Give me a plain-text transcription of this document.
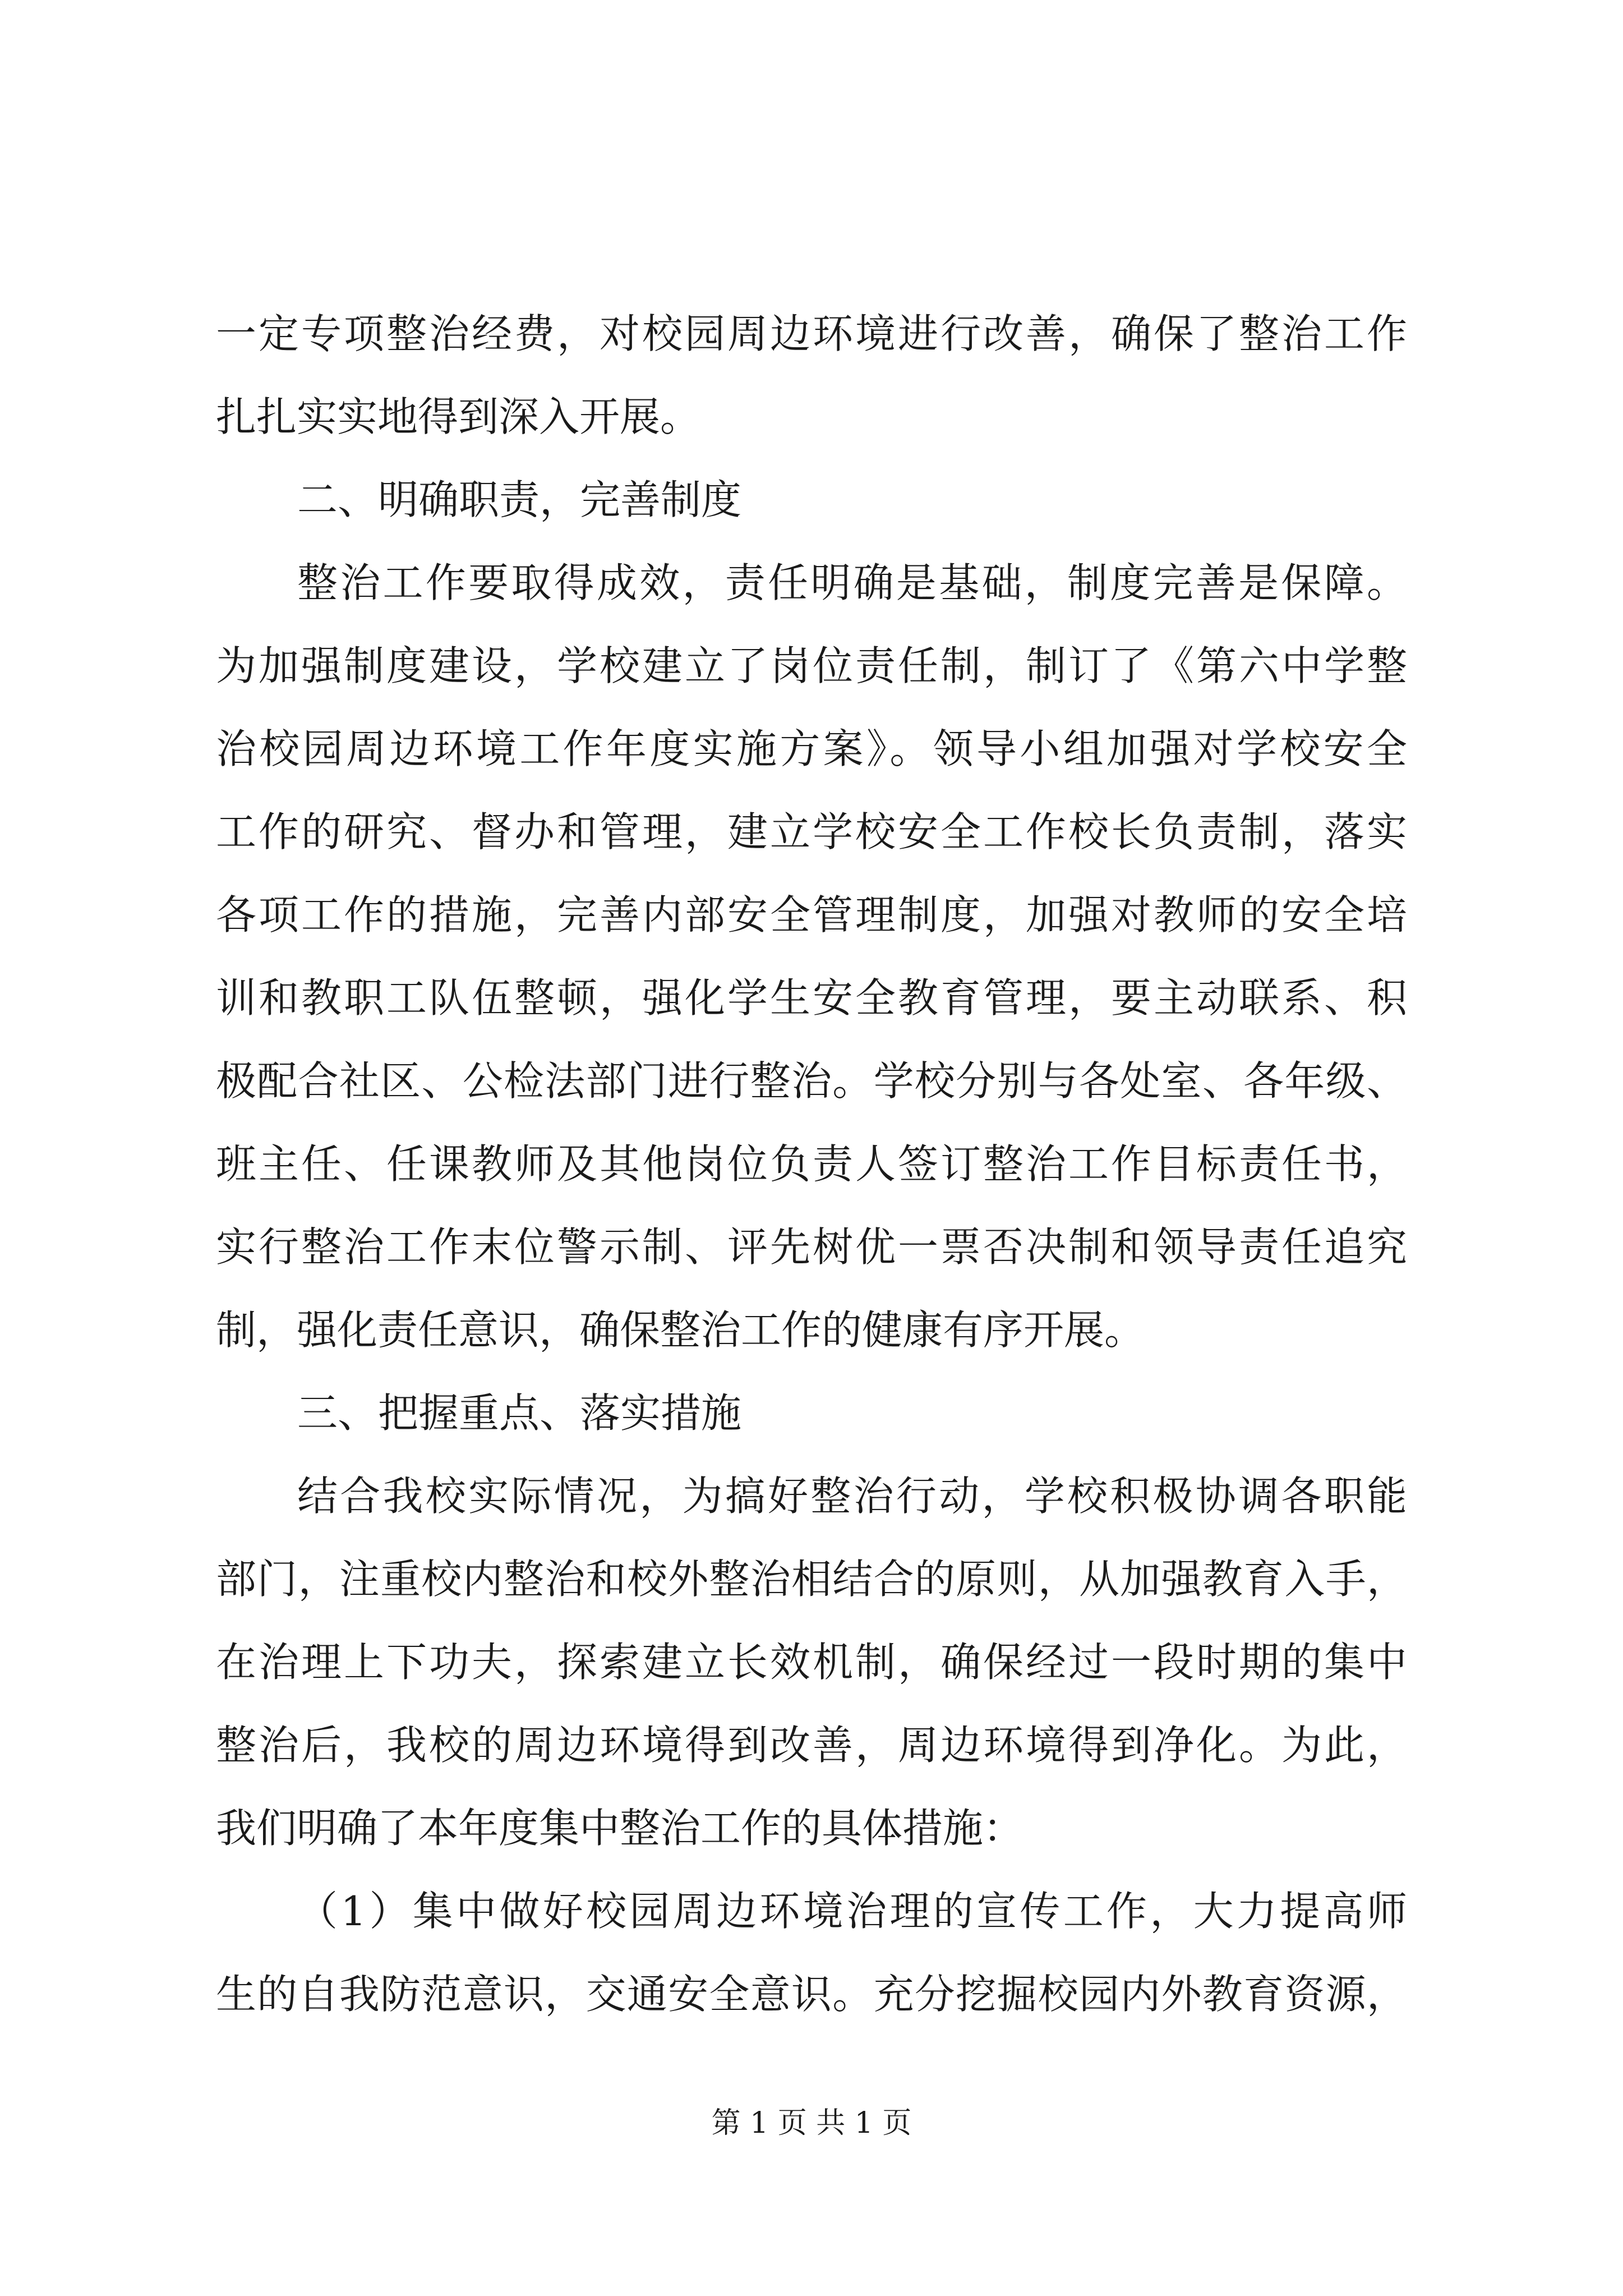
一定专项整治经费，对校园周边环境进行改善，确保了整治工作
扎扎实实地得到深入开展。
二、明确职责，完善制度
整治工作要取得成效，责任明确是基础，制度完善是保障。
为加强制度建设，学校建立了岗位责任制，制订了《第六中学整
治校园周边环境工作年度实施方案》。领导小组加强对学校安全
工作的研究、督办和管理，建立学校安全工作校长负责制，落实
各项工作的措施，完善内部安全管理制度，加强对教师的安全培
训和教职工队伍整顿，强化学生安全教育管理，要主动联系、积
极配合社区、公检法部门进行整治。学校分别与各处室、各年级、
班主任、任课教师及其他岗位负责人签订整治工作目标责任书，
实行整治工作末位警示制、评先树优一票否决制和领导责任追究
制，强化责任意识，确保整治工作的健康有序开展。
三、把握重点、落实措施
结合我校实际情况，为搞好整治行动，学校积极协调各职能
部门，注重校内整治和校外整治相结合的原则，从加强教育入手，
在治理上下功夫，探索建立长效机制，确保经过一段时期的集中
整治后，我校的周边环境得到改善，周边环境得到净化。为此，
我们明确了本年度集中整治工作的具体措施：
（1）集中做好校园周边环境治理的宣传工作，大力提高师
生的自我防范意识，交通安全意识。充分挖掘校园内外教育资源，
第 1 页 共 1 页
